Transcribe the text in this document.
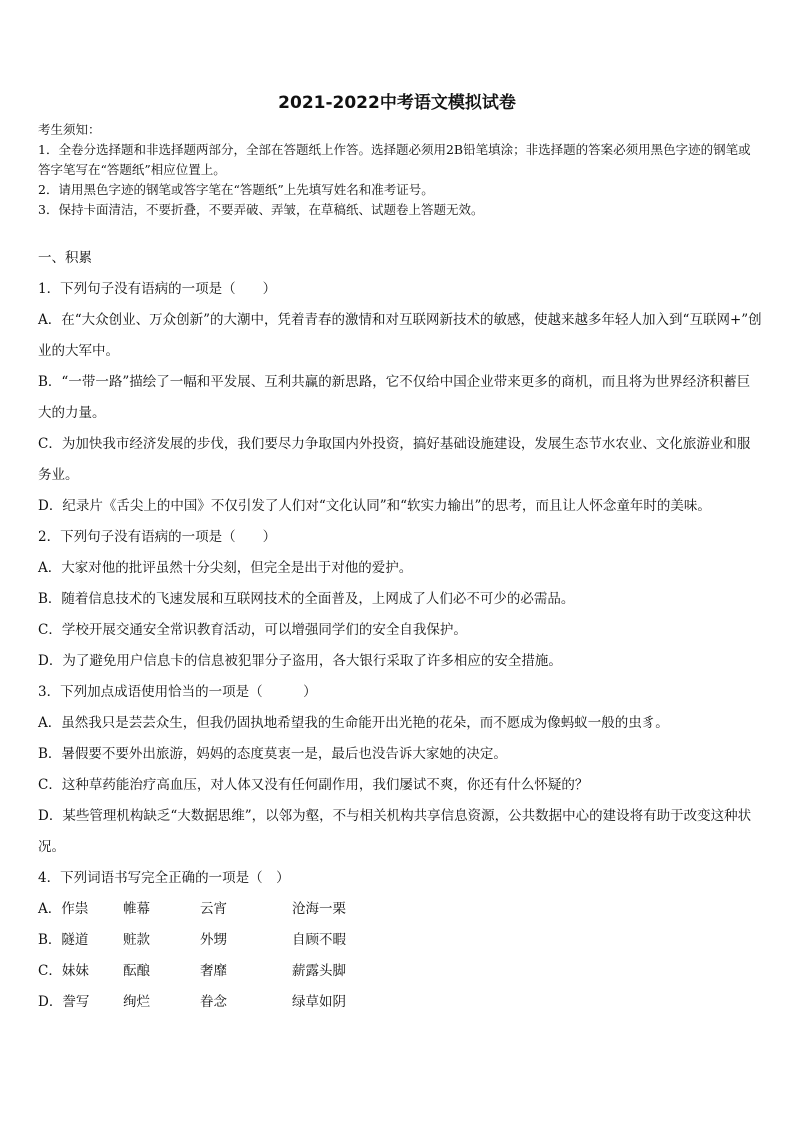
2021-2022中考语文模拟试卷
考生须知：
1．全卷分选择题和非选择题两部分，全部在答题纸上作答。选择题必须用2B铅笔填涂；非选择题的答案必须用黑色字迹的钢笔或答字笔写在“答题纸”相应位置上。
2．请用黑色字迹的钢笔或答字笔在“答题纸”上先填写姓名和准考证号。
3．保持卡面清洁，不要折叠，不要弄破、弄皱，在草稿纸、试题卷上答题无效。
一、积累
1．下列句子没有语病的一项是（　　）
A．在“大众创业、万众创新”的大潮中，凭着青春的激情和对互联网新技术的敏感，使越来越多年轻人加入到“互联网+”创业的大军中。
B．“一带一路”描绘了一幅和平发展、互利共赢的新思路，它不仅给中国企业带来更多的商机，而且将为世界经济积蓄巨大的力量。
C．为加快我市经济发展的步伐，我们要尽力争取国内外投资，搞好基础设施建设，发展生态节水农业、文化旅游业和服务业。
D．纪录片《舌尖上的中国》不仅引发了人们对“文化认同”和“软实力输出”的思考，而且让人怀念童年时的美味。
2．下列句子没有语病的一项是（　　）
A．大家对他的批评虽然十分尖刻，但完全是出于对他的爱护。
B．随着信息技术的飞速发展和互联网技术的全面普及，上网成了人们必不可少的必需品。
C．学校开展交通安全常识教育活动，可以增强同学们的安全自我保护。
D．为了避免用户信息卡的信息被犯罪分子盗用，各大银行采取了许多相应的安全措施。
3．下列加点成语使用恰当的一项是（　　　）
A．虽然我只是芸芸众生，但我仍固执地希望我的生命能开出光艳的花朵，而不愿成为像蚂蚁一般的虫豸。
B．暑假要不要外出旅游，妈妈的态度莫衷一是，最后也没告诉大家她的决定。
C．这种草药能治疗高血压，对人体又没有任何副作用，我们屡试不爽，你还有什么怀疑的？
D．某些管理机构缺乏“大数据思维”，以邻为壑，不与相关机构共享信息资源，公共数据中心的建设将有助于改变这种状况。
4．下列词语书写完全正确的一项是（　）
A．作祟	帷幕	云宵	沧海一栗
B．隧道	赃款	外甥	自顾不暇
C．妹妹	酝酿	奢靡	薪露头脚
D．誊写	绚烂	眷念	绿草如阴
